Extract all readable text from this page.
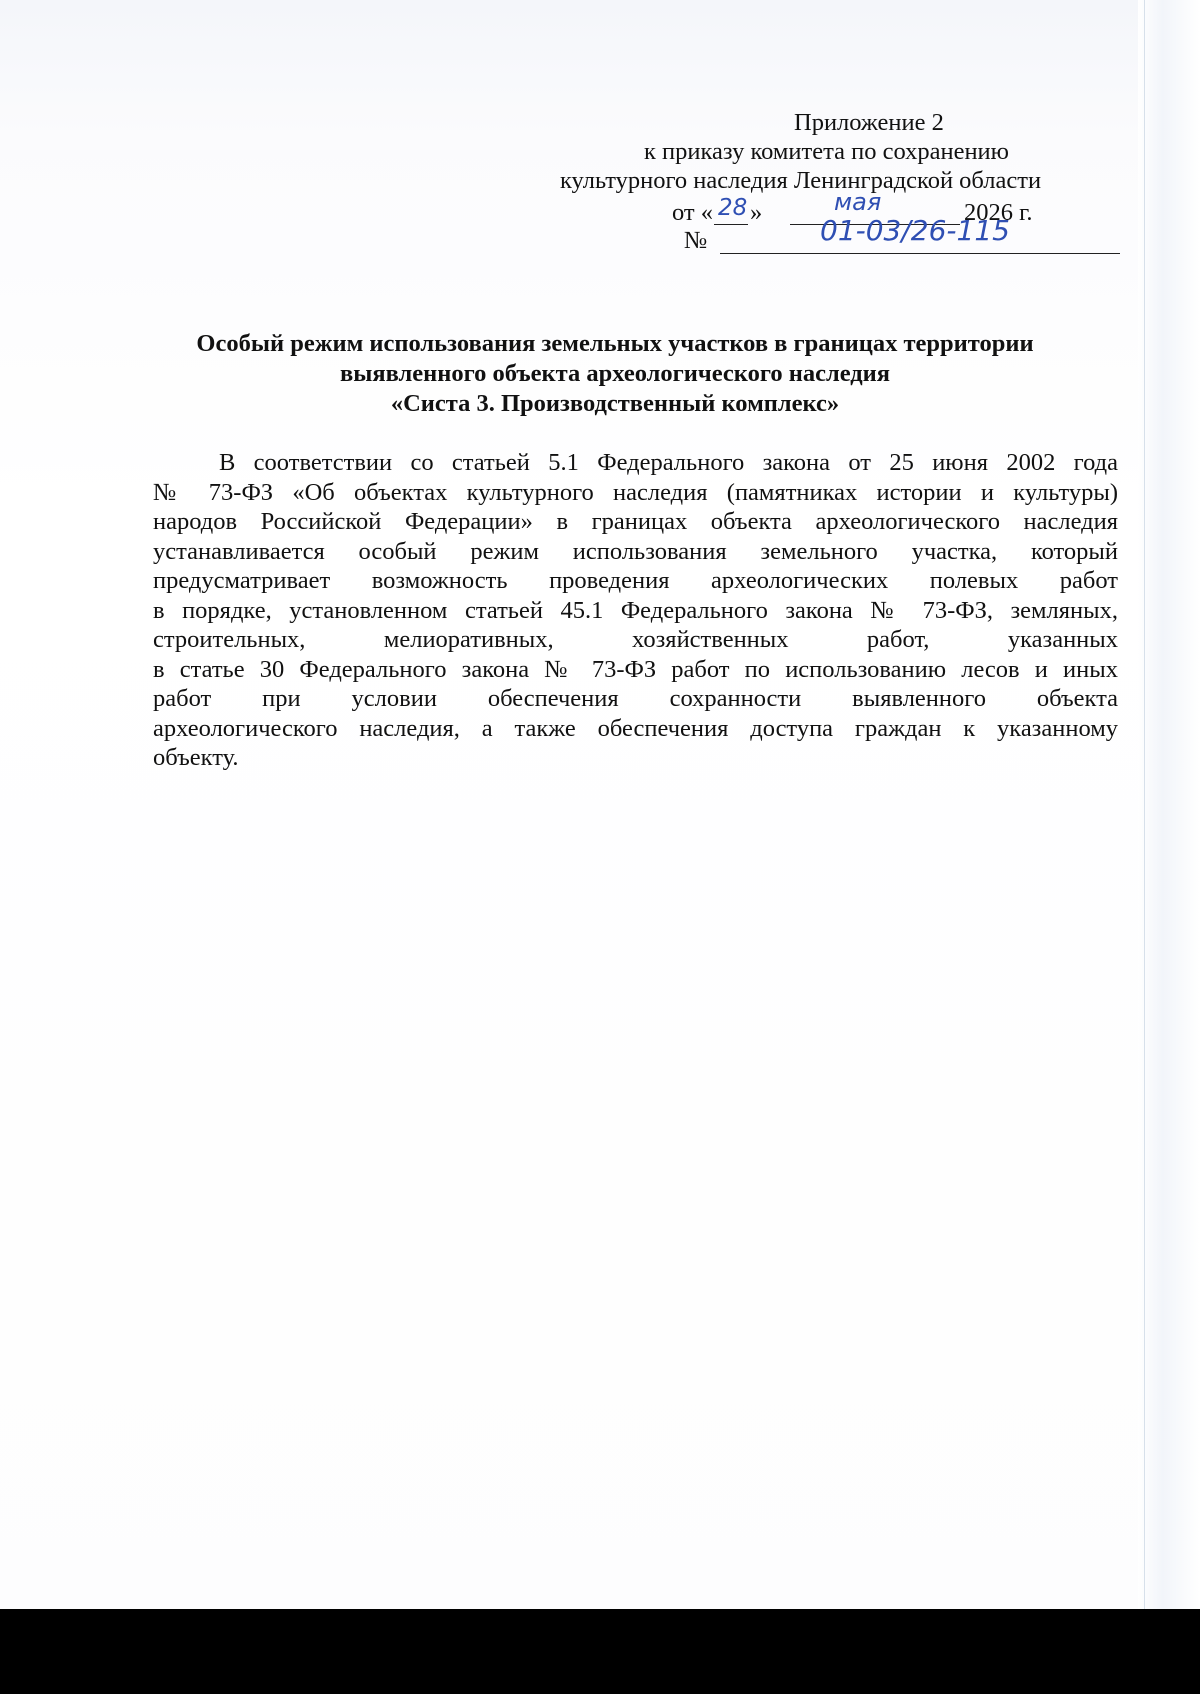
Приложение 2
к приказу комитета по сохранению
культурного наследия Ленинградской области
от « 28 »	мая	2026 г.
№	01-03/26-115
Особый режим использования земельных участков в границах территории
выявленного объекта археологического наследия
«Систа 3. Производственный комплекс»
В соответствии со статьей 5.1 Федерального закона от 25 июня 2002 года
№ 73-ФЗ «Об объектах культурного наследия (памятниках истории и культуры)
народов Российской Федерации» в границах объекта археологического наследия
устанавливается особый режим использования земельного участка, который
предусматривает возможность проведения археологических полевых работ
в порядке, установленном статьей 45.1 Федерального закона № 73-ФЗ, земляных,
строительных, мелиоративных, хозяйственных работ, указанных
в статье 30 Федерального закона № 73-ФЗ работ по использованию лесов и иных
работ при условии обеспечения сохранности выявленного объекта
археологического наследия, а также обеспечения доступа граждан к указанному
объекту.
